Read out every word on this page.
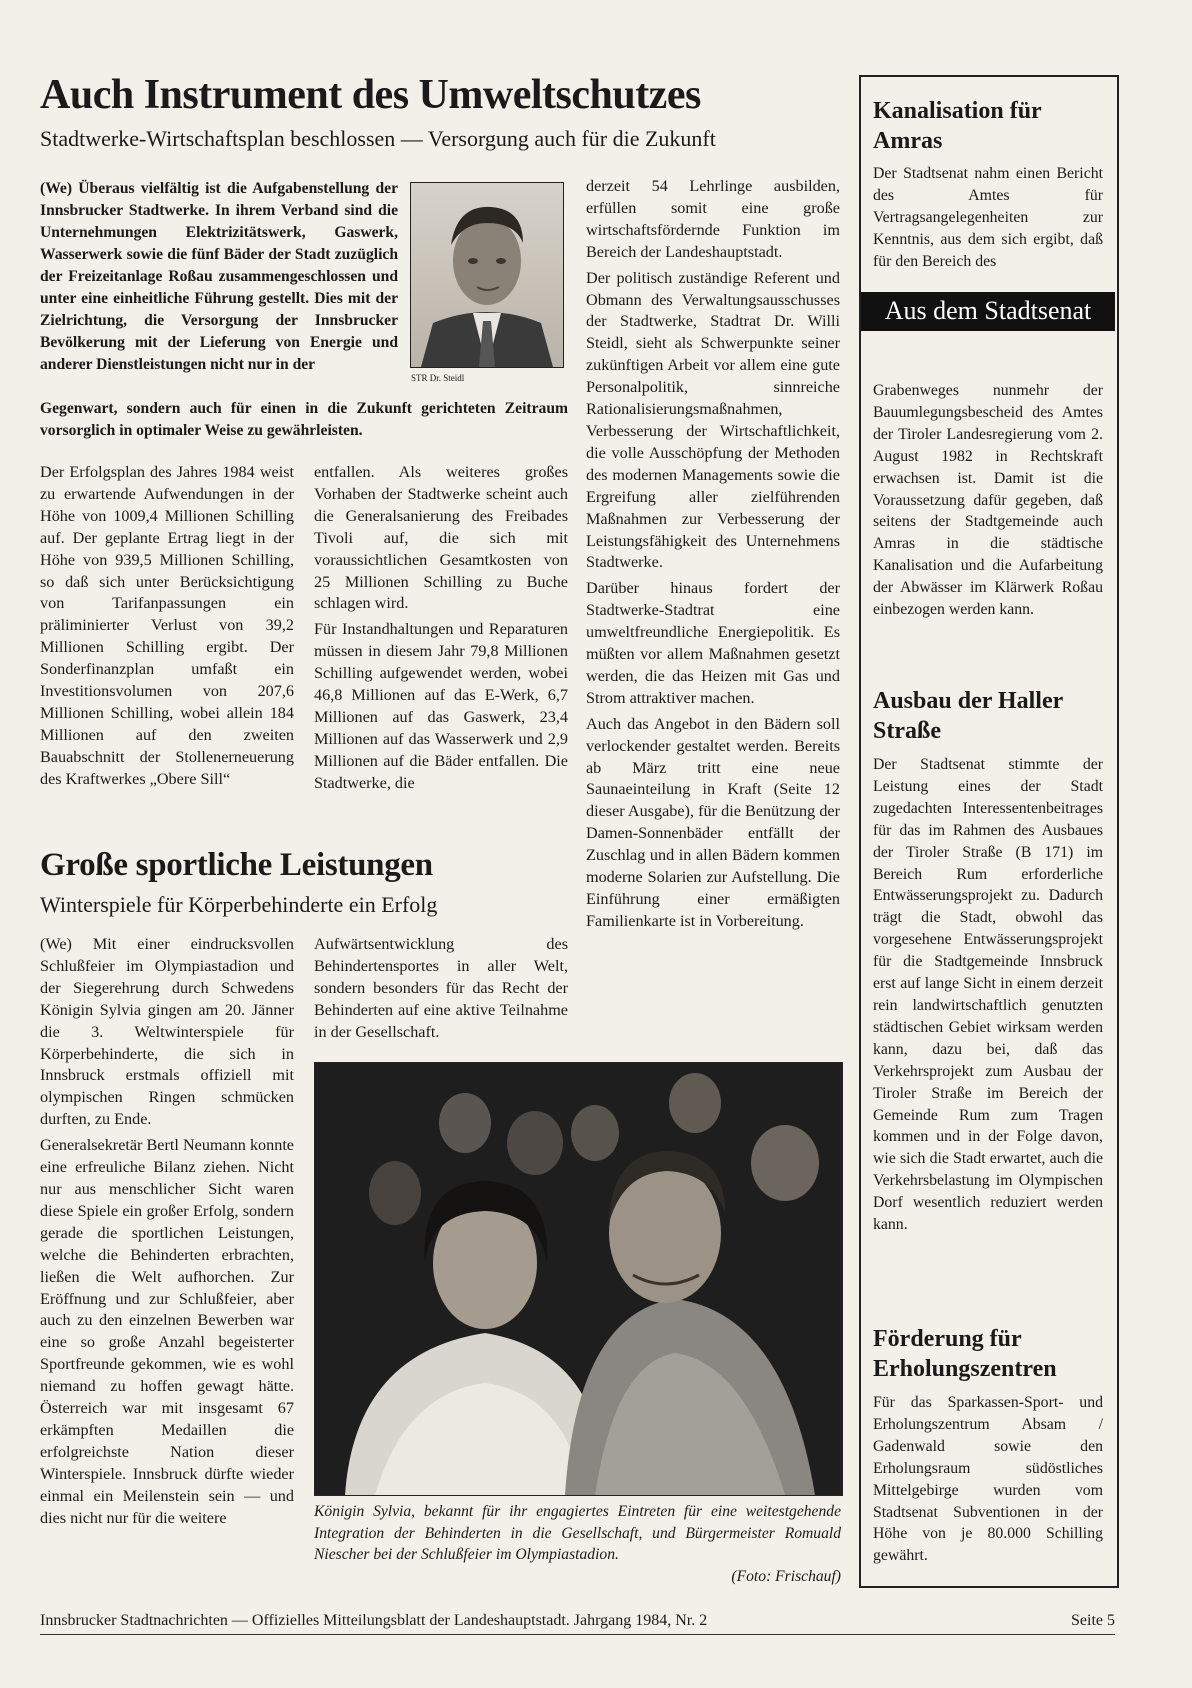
Auch Instrument des Umweltschutzes
Stadtwerke-Wirtschaftsplan beschlossen — Versorgung auch für die Zukunft
(We) Überaus vielfältig ist die Aufgabenstellung der Innsbrucker Stadtwerke. In ihrem Verband sind die Unternehmungen Elektrizitätswerk, Gaswerk, Wasserwerk sowie die fünf Bäder der Stadt zuzüglich der Freizeitanlage Roßau zusammengeschlossen und unter eine einheitliche Führung gestellt. Dies mit der Zielrichtung, die Versorgung der Innsbrucker Bevölkerung mit der Lieferung von Energie und anderer Dienstleistungen nicht nur in der
STR Dr. Steidl
Gegenwart, sondern auch für einen in die Zukunft gerichteten Zeitraum vorsorglich in optimaler Weise zu gewährleisten.

Der Erfolgsplan des Jahres 1984 weist zu erwartende Aufwendungen in der Höhe von 1009,4 Millionen Schilling auf. Der geplante Ertrag liegt in der Höhe von 939,5 Millionen Schilling, so daß sich unter Berücksichtigung von Tarifanpassungen ein präliminierter Verlust von 39,2 Millionen Schilling ergibt. Der Sonderfinanzplan umfaßt ein Investitionsvolumen von 207,6 Millionen Schilling, wobei allein 184 Millionen auf den zweiten Bauabschnitt der Stollenerneuerung des Kraftwerkes „Obere Sill“

entfallen. Als weiteres großes Vorhaben der Stadtwerke scheint auch die Generalsanierung des Freibades Tivoli auf, die sich mit voraussichtlichen Gesamtkosten von 25 Millionen Schilling zu Buche schlagen wird.

Für Instandhaltungen und Reparaturen müssen in diesem Jahr 79,8 Millionen Schilling aufgewendet werden, wobei 46,8 Millionen auf das E-Werk, 6,7 Millionen auf das Gaswerk, 23,4 Millionen auf das Wasserwerk und 2,9 Millionen auf die Bäder entfallen. Die Stadtwerke, die

derzeit 54 Lehrlinge ausbilden, erfüllen somit eine große wirtschaftsfördernde Funktion im Bereich der Landeshauptstadt.

Der politisch zuständige Referent und Obmann des Verwaltungsausschusses der Stadtwerke, Stadtrat Dr. Willi Steidl, sieht als Schwerpunkte seiner zukünftigen Arbeit vor allem eine gute Personalpolitik, sinnreiche Rationalisierungsmaßnahmen, Verbesserung der Wirtschaftlichkeit, die volle Ausschöpfung der Methoden des modernen Managements sowie die Ergreifung aller zielführenden Maßnahmen zur Verbesserung der Leistungsfähigkeit des Unternehmens Stadtwerke.

Darüber hinaus fordert der Stadtwerke-Stadtrat eine umweltfreundliche Energiepolitik. Es müßten vor allem Maßnahmen gesetzt werden, die das Heizen mit Gas und Strom attraktiver machen.

Auch das Angebot in den Bädern soll verlockender gestaltet werden. Bereits ab März tritt eine neue Saunaeinteilung in Kraft (Seite 12 dieser Ausgabe), für die Benützung der Damen-Sonnenbäder entfällt der Zuschlag und in allen Bädern kommen moderne Solarien zur Aufstellung. Die Einführung einer ermäßigten Familienkarte ist in Vorbereitung.

Große sportliche Leistungen
Winterspiele für Körperbehinderte ein Erfolg

(We) Mit einer eindrucksvollen Schlußfeier im Olympiastadion und der Siegerehrung durch Schwedens Königin Sylvia gingen am 20. Jänner die 3. Weltwinterspiele für Körperbehinderte, die sich in Innsbruck erstmals offiziell mit olympischen Ringen schmücken durften, zu Ende.

Generalsekretär Bertl Neumann konnte eine erfreuliche Bilanz ziehen. Nicht nur aus menschlicher Sicht waren diese Spiele ein großer Erfolg, sondern gerade die sportlichen Leistungen, welche die Behinderten erbrachten, ließen die Welt aufhorchen. Zur Eröffnung und zur Schlußfeier, aber auch zu den einzelnen Bewerben war eine so große Anzahl begeisterter Sportfreunde gekommen, wie es wohl niemand zu hoffen gewagt hätte. Österreich war mit insgesamt 67 erkämpften Medaillen die erfolgreichste Nation dieser Winterspiele. Innsbruck dürfte wieder einmal ein Meilenstein sein — und dies nicht nur für die weitere

Aufwärtsentwicklung des Behindertensportes in aller Welt, sondern besonders für das Recht der Behinderten auf eine aktive Teilnahme in der Gesellschaft.

Königin Sylvia, bekannt für ihr engagiertes Eintreten für eine weitestgehende Integration der Behinderten in die Gesellschaft, und Bürgermeister Romuald Niescher bei der Schlußfeier im Olympiastadion.
(Foto: Frischauf)
Kanalisation für Amras
Der Stadtsenat nahm einen Bericht des Amtes für Vertragsangelegenheiten zur Kenntnis, aus dem sich ergibt, daß für den Bereich des
Aus dem Stadtsenat
Grabenweges nunmehr der Bauumlegungsbescheid des Amtes der Tiroler Landesregierung vom 2. August 1982 in Rechtskraft erwachsen ist. Damit ist die Voraussetzung dafür gegeben, daß seitens der Stadtgemeinde auch Amras in die städtische Kanalisation und die Aufarbeitung der Abwässer im Klärwerk Roßau einbezogen werden kann.
Ausbau der Haller Straße
Der Stadtsenat stimmte der Leistung eines der Stadt zugedachten Interessentenbeitrages für das im Rahmen des Ausbaues der Tiroler Straße (B 171) im Bereich Rum erforderliche Entwässerungsprojekt zu. Dadurch trägt die Stadt, obwohl das vorgesehene Entwässerungsprojekt für die Stadtgemeinde Innsbruck erst auf lange Sicht in einem derzeit rein landwirtschaftlich genutzten städtischen Gebiet wirksam werden kann, dazu bei, daß das Verkehrsprojekt zum Ausbau der Tiroler Straße im Bereich der Gemeinde Rum zum Tragen kommen und in der Folge davon, wie sich die Stadt erwartet, auch die Verkehrsbelastung im Olympischen Dorf wesentlich reduziert werden kann.
Förderung für Erholungszentren
Für das Sparkassen-Sport- und Erholungszentrum Absam / Gadenwald sowie den Erholungsraum südöstliches Mittelgebirge wurden vom Stadtsenat Subventionen in der Höhe von je 80.000 Schilling gewährt.
Innsbrucker Stadtnachrichten — Offizielles Mitteilungsblatt der Landeshauptstadt. Jahrgang 1984, Nr. 2	Seite 5
